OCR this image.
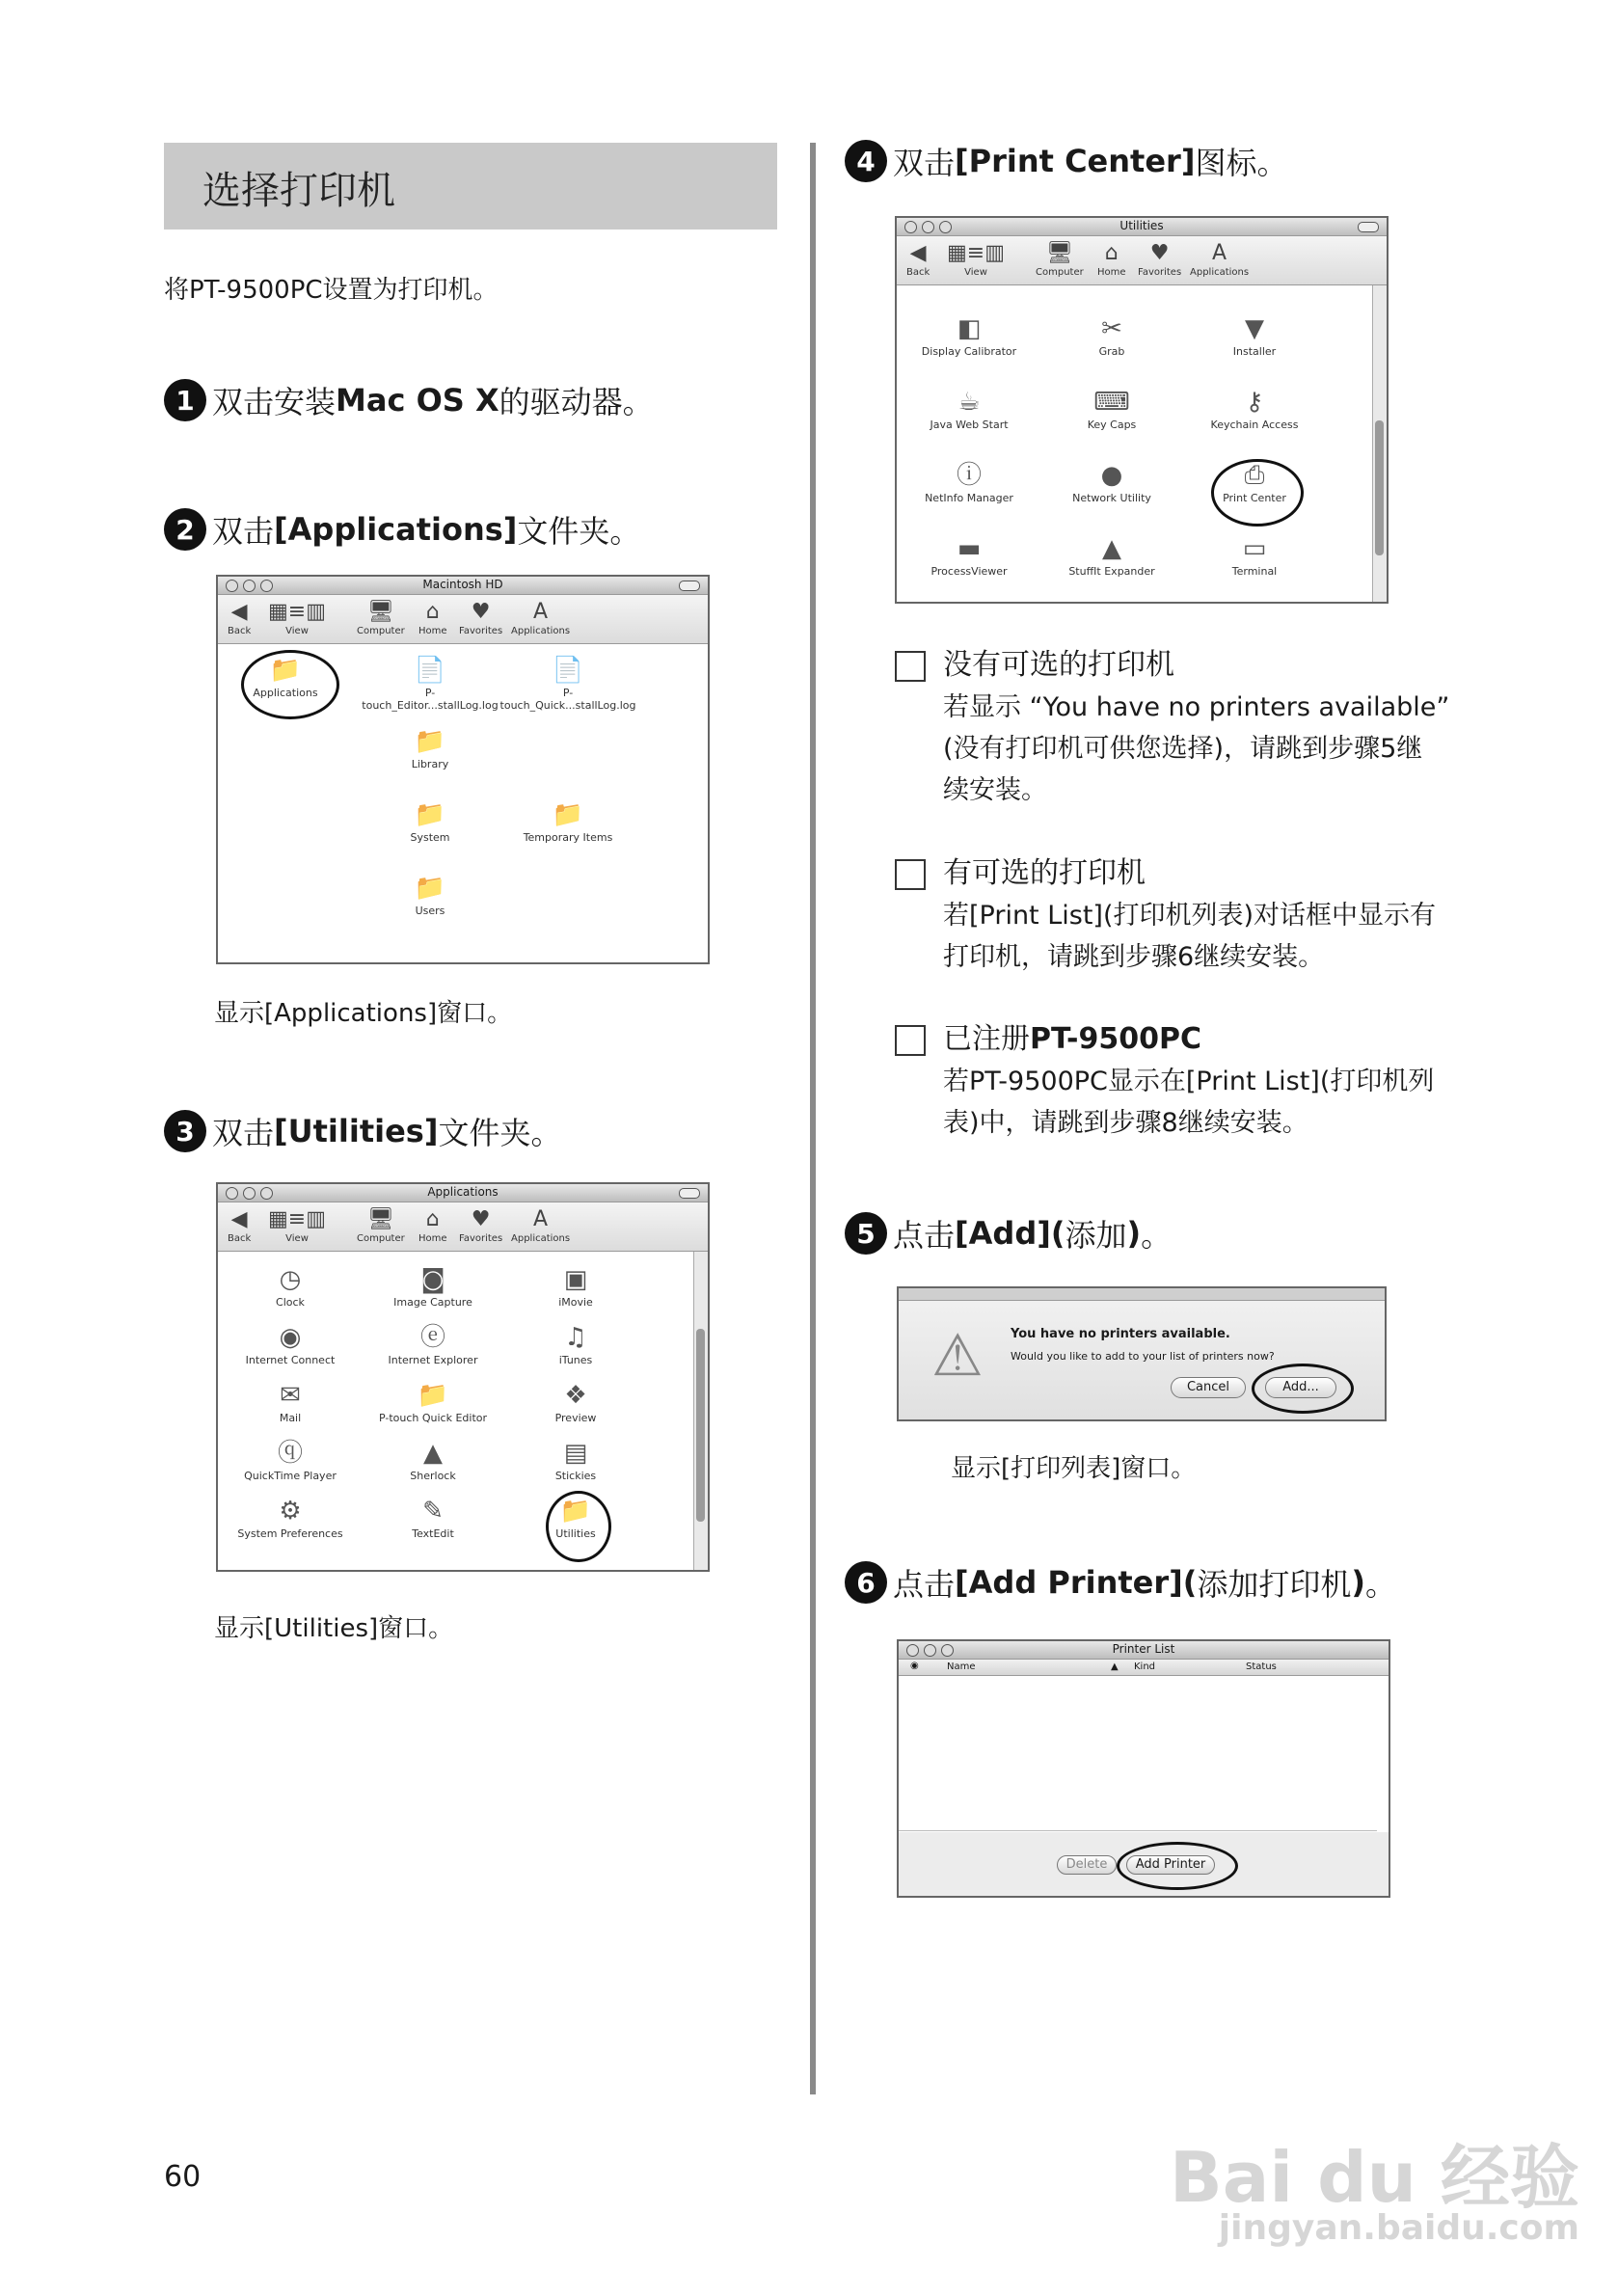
选择打印机
将PT-9500PC设置为打印机。
1 双击安装 Mac OS X 的驱动器。
2 双击 [Applications] 文件夹。
Macintosh HD
◀
Back
▦≡▥
View
🖥
Computer
⌂
Home
♥
Favorites
A
Applications
📁
Applications
📄
P-
touch_Editor...stallLog.log
📄
P-
touch_Quick...stallLog.log
📁
Library
📁
System
📁
Temporary Items
📁
Users
显示[Applications]窗口。
3 双击 [Utilities] 文件夹。
Applications
◀
Back
▦≡▥
View
🖥
Computer
⌂
Home
♥
Favorites
A
Applications
◷
Clock
◙
Image Capture
▣
iMovie
◉
Internet Connect
ⓔ
Internet Explorer
♫
iTunes
✉
Mail
📁
P-touch Quick Editor
❖
Preview
ⓠ
QuickTime Player
▲
Sherlock
▤
Stickies
⚙
System Preferences
✎
TextEdit
📁
Utilities
显示[Utilities]窗口。
4 双击 [Print Center] 图标。
Utilities
◀
Back
▦≡▥
View
🖥
Computer
⌂
Home
♥
Favorites
A
Applications
◧
Display Calibrator
✂
Grab
▼
Installer
☕
Java Web Start
⌨
Key Caps
⚷
Keychain Access
ⓘ
NetInfo Manager
●
Network Utility
⎙
Print Center
▬
ProcessViewer
▲
StuffIt Expander
▭
Terminal
没有可选的打印机
若显示 “You have no printers available”
(没有打印机可供您选择)，请跳到步骤5继
续安装。
有可选的打印机
若[Print List](打印机列表)对话框中显示有
打印机，请跳到步骤6继续安装。
已注册PT-9500PC
若PT-9500PC显示在[Print List](打印机列
表)中，请跳到步骤8继续安装。
5 点击 [Add]( 添加 ) 。
⚠ You have no printers available.
Would you like to add to your list of printers now?
Cancel	Add...
显示[打印列表]窗口。
6 点击 [Add Printer]( 添加打印机 ) 。
Printer List
◉	Name	▲ Kind	Status
Delete	Add Printer
60	Bai du 经验
jingyan.baidu.com
